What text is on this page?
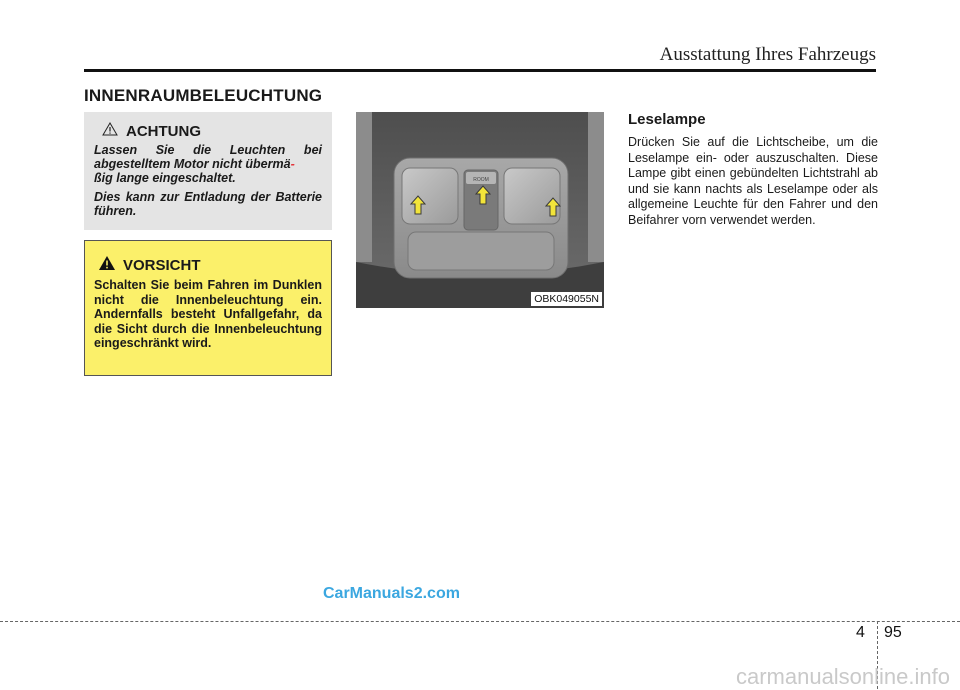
Ausstattung Ihres Fahrzeugs
INNENRAUMBELEUCHTUNG
ACHTUNG

Lassen Sie die Leuchten bei abgestelltem Motor nicht übermä-
ßig lange eingeschaltet.

Dies kann zur Entladung der Batterie führen.

VORSICHT

Schalten Sie beim Fahren im Dunklen nicht die Innenbeleuchtung ein. Andernfalls besteht Unfallgefahr, da die Sicht durch die Innenbeleuchtung eingeschränkt wird.

ROOM
OBK049055N
Leselampe

Drücken Sie auf die Lichtscheibe, um die Leselampe ein- oder auszuschalten. Diese Lampe gibt einen gebündelten Lichtstrahl ab und sie kann nachts als Leselampe oder als allgemeine Leuchte für den Fahrer und den Beifahrer vorn verwendet werden.

CarManuals2.com
4 95
carmanualsonline.info
